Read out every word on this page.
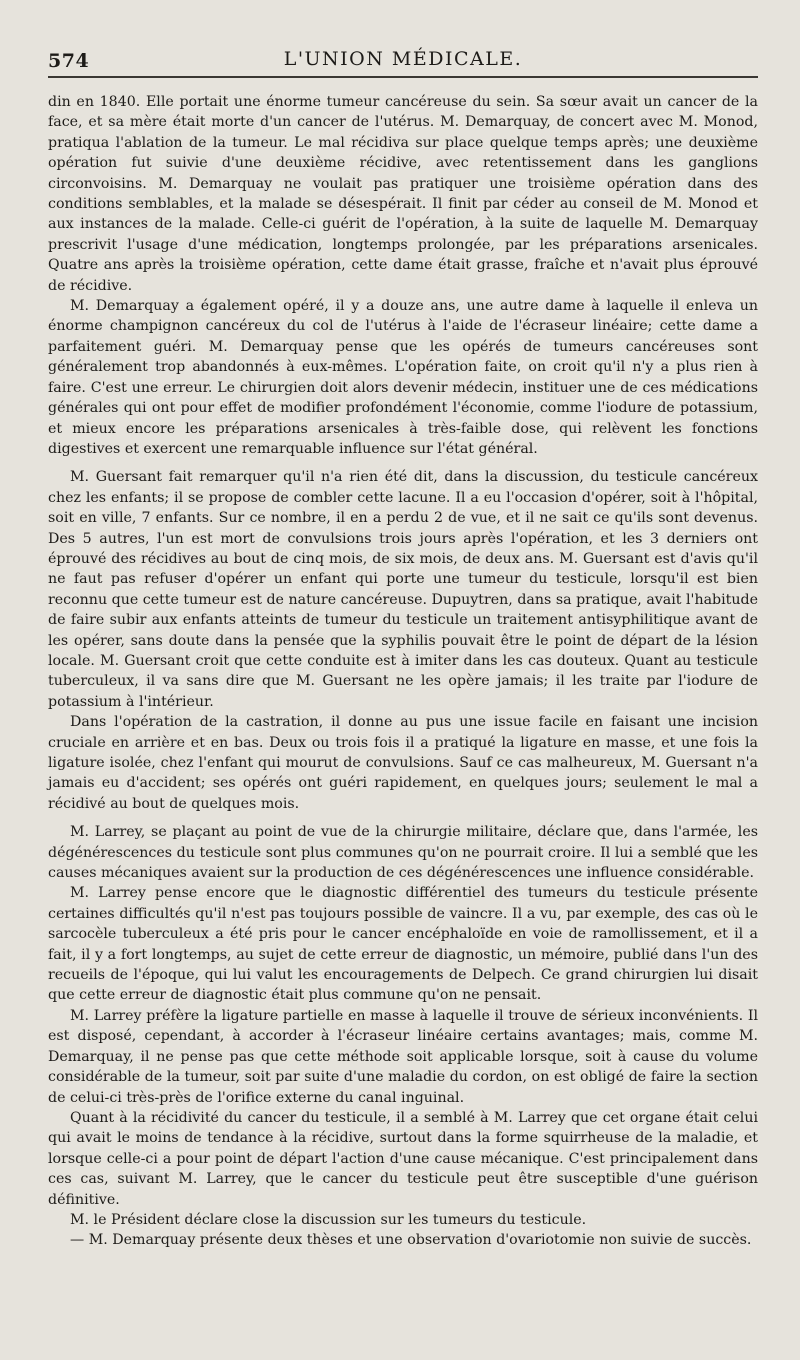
574	L'UNION MÉDICALE.

din en 1840. Elle portait une énorme tumeur cancéreuse du sein. Sa sœur avait un cancer de la face, et sa mère était morte d'un cancer de l'utérus. M. Demarquay, de concert avec M. Monod, pratiqua l'ablation de la tumeur. Le mal récidiva sur place quelque temps après; une deuxième opération fut suivie d'une deuxième récidive, avec retentissement dans les ganglions circonvoisins. M. Demarquay ne voulait pas pratiquer une troisième opération dans des conditions semblables, et la malade se désespérait. Il finit par céder au conseil de M. Monod et aux instances de la malade. Celle-ci guérit de l'opération, à la suite de laquelle M. Demarquay prescrivit l'usage d'une médication, longtemps prolongée, par les préparations arsenicales. Quatre ans après la troisième opération, cette dame était grasse, fraîche et n'avait plus éprouvé de récidive.

M. Demarquay a également opéré, il y a douze ans, une autre dame à laquelle il enleva un énorme champignon cancéreux du col de l'utérus à l'aide de l'écraseur linéaire; cette dame a parfaitement guéri. M. Demarquay pense que les opérés de tumeurs cancéreuses sont généralement trop abandonnés à eux-mêmes. L'opération faite, on croit qu'il n'y a plus rien à faire. C'est une erreur. Le chirurgien doit alors devenir médecin, instituer une de ces médications générales qui ont pour effet de modifier profondément l'économie, comme l'iodure de potassium, et mieux encore les préparations arsenicales à très-faible dose, qui relèvent les fonctions digestives et exercent une remarquable influence sur l'état général.

M. Guersant fait remarquer qu'il n'a rien été dit, dans la discussion, du testicule cancéreux chez les enfants; il se propose de combler cette lacune. Il a eu l'occasion d'opérer, soit à l'hôpital, soit en ville, 7 enfants. Sur ce nombre, il en a perdu 2 de vue, et il ne sait ce qu'ils sont devenus. Des 5 autres, l'un est mort de convulsions trois jours après l'opération, et les 3 derniers ont éprouvé des récidives au bout de cinq mois, de six mois, de deux ans. M. Guersant est d'avis qu'il ne faut pas refuser d'opérer un enfant qui porte une tumeur du testicule, lorsqu'il est bien reconnu que cette tumeur est de nature cancéreuse. Dupuytren, dans sa pratique, avait l'habitude de faire subir aux enfants atteints de tumeur du testicule un traitement antisyphilitique avant de les opérer, sans doute dans la pensée que la syphilis pouvait être le point de départ de la lésion locale. M. Guersant croit que cette conduite est à imiter dans les cas douteux. Quant au testicule tuberculeux, il va sans dire que M. Guersant ne les opère jamais; il les traite par l'iodure de potassium à l'intérieur.

Dans l'opération de la castration, il donne au pus une issue facile en faisant une incision cruciale en arrière et en bas. Deux ou trois fois il a pratiqué la ligature en masse, et une fois la ligature isolée, chez l'enfant qui mourut de convulsions. Sauf ce cas malheureux, M. Guersant n'a jamais eu d'accident; ses opérés ont guéri rapidement, en quelques jours; seulement le mal a récidivé au bout de quelques mois.

M. Larrey, se plaçant au point de vue de la chirurgie militaire, déclare que, dans l'armée, les dégénérescences du testicule sont plus communes qu'on ne pourrait croire. Il lui a semblé que les causes mécaniques avaient sur la production de ces dégénérescences une influence considérable.

M. Larrey pense encore que le diagnostic différentiel des tumeurs du testicule présente certaines difficultés qu'il n'est pas toujours possible de vaincre. Il a vu, par exemple, des cas où le sarcocèle tuberculeux a été pris pour le cancer encéphaloïde en voie de ramollissement, et il a fait, il y a fort longtemps, au sujet de cette erreur de diagnostic, un mémoire, publié dans l'un des recueils de l'époque, qui lui valut les encouragements de Delpech. Ce grand chirurgien lui disait que cette erreur de diagnostic était plus commune qu'on ne pensait.

M. Larrey préfère la ligature partielle en masse à laquelle il trouve de sérieux inconvénients. Il est disposé, cependant, à accorder à l'écraseur linéaire certains avantages; mais, comme M. Demarquay, il ne pense pas que cette méthode soit applicable lorsque, soit à cause du volume considérable de la tumeur, soit par suite d'une maladie du cordon, on est obligé de faire la section de celui-ci très-près de l'orifice externe du canal inguinal.

Quant à la récidivité du cancer du testicule, il a semblé à M. Larrey que cet organe était celui qui avait le moins de tendance à la récidive, surtout dans la forme squirrheuse de la maladie, et lorsque celle-ci a pour point de départ l'action d'une cause mécanique. C'est principalement dans ces cas, suivant M. Larrey, que le cancer du testicule peut être susceptible d'une guérison définitive.

M. le Président déclare close la discussion sur les tumeurs du testicule.

— M. Demarquay présente deux thèses et une observation d'ovariotomie non suivie de succès.
